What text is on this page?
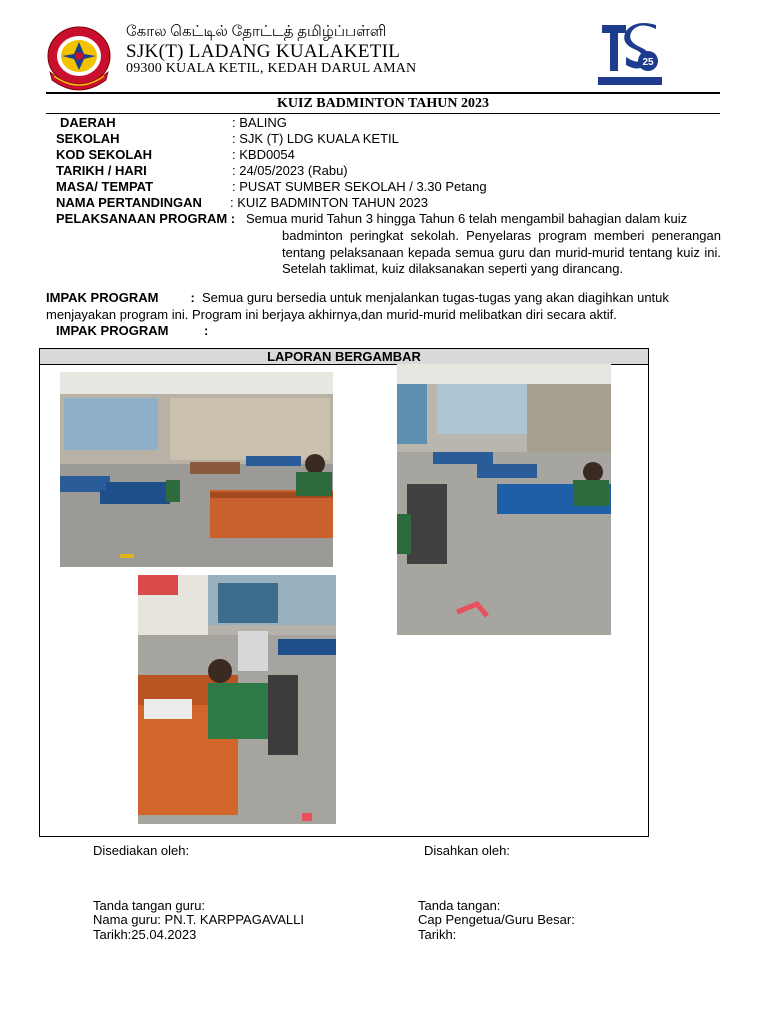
கோல கெட்டில் தோட்டத் தமிழ்ப்பள்ளி
SJK(T) LADANG KUALAKETIL
09300 KUALA KETIL, KEDAH DARUL AMAN	25
KUIZ BADMINTON TAHUN 2023
DAERAH	: BALING
SEKOLAH	: SJK (T) LDG KUALA KETIL
KOD SEKOLAH	: KBD0054
TARIKH / HARI	: 24/05/2023 (Rabu)
MASA/ TEMPAT	: PUSAT SUMBER SEKOLAH / 3.30 Petang
NAMA PERTANDINGAN : KUIZ BADMINTON TAHUN 2023
PELAKSANAAN PROGRAM : Semua murid Tahun 3 hingga Tahun 6 telah mengambil bahagian dalam kuiz
badminton peringkat sekolah. Penyelaras program memberi penerangan tentang pelaksanaan kepada semua guru dan murid-murid tentang kuiz ini. Setelah taklimat, kuiz dilaksanakan seperti yang dirancang.
IMPAK PROGRAM : Semua guru bersedia untuk menjalankan tugas-tugas yang akan diagihkan untuk menjayakan program ini. Program ini berjaya akhirnya,dan murid-murid melibatkan diri secara aktif.
IMPAK PROGRAM	:
LAPORAN BERGAMBAR
Disediakan oleh:	Disahkan oleh:
Tanda tangan guru:
Nama guru: PN.T. KARPPAGAVALLI
Tarikh:25.04.2023
Tanda tangan:
Cap Pengetua/Guru Besar:
Tarikh:
